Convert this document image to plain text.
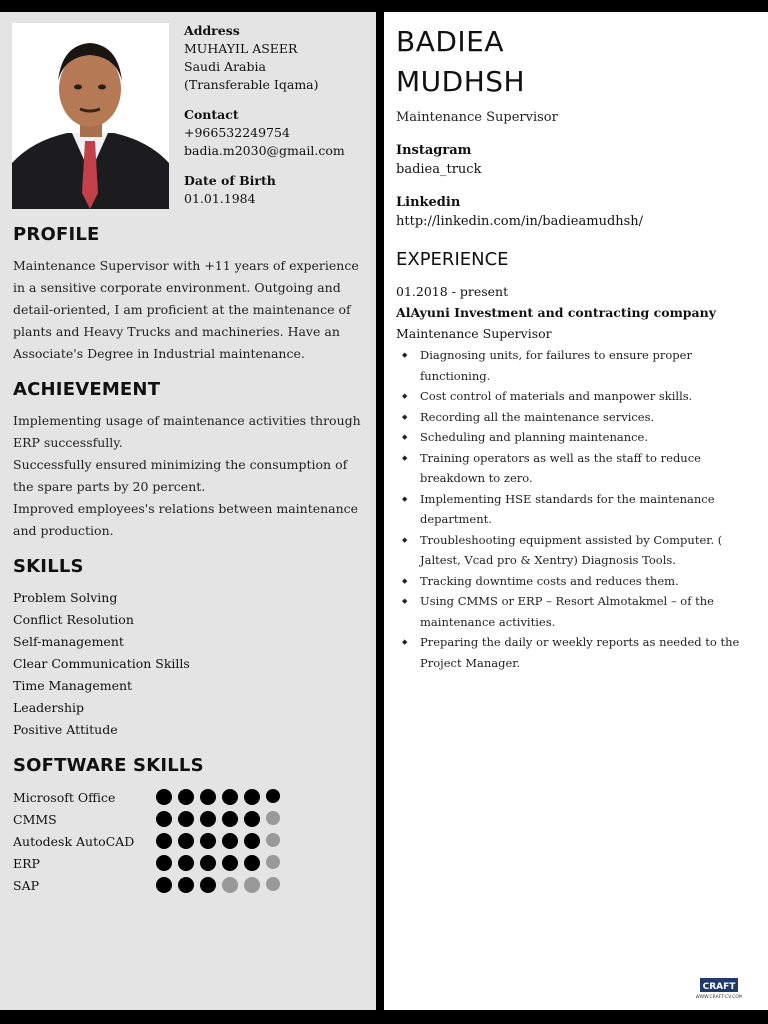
Address
MUHAYIL ASEER
Saudi Arabia
(Transferable Iqama)
Contact
+966532249754
badia.m2030@gmail.com
Date of Birth
01.01.1984
PROFILE
Maintenance Supervisor with +11 years of experience in a sensitive corporate environment. Outgoing and detail-oriented, I am proficient at the maintenance of plants and Heavy Trucks and machineries. Have an Associate's Degree in Industrial maintenance.
ACHIEVEMENT
Implementing usage of maintenance activities through ERP successfully.
Successfully ensured minimizing the consumption of the spare parts by 20 percent.
Improved employees's relations between maintenance and production.
SKILLS
Problem Solving
Conflict Resolution
Self-management
Clear Communication Skills
Time Management
Leadership
Positive Attitude
SOFTWARE SKILLS
Microsoft Office
CMMS
Autodesk AutoCAD
ERP
SAP
BADIEA
MUDHSH
Maintenance Supervisor
Instagram
badiea_truck
Linkedin
http://linkedin.com/in/badieamudhsh/
EXPERIENCE
01.2018 - present
AlAyuni Investment and contracting company
Maintenance Supervisor
◆ Diagnosing units, for failures to ensure proper functioning.
◆ Cost control of materials and manpower skills.
◆ Recording all the maintenance services.
◆ Scheduling and planning maintenance.
◆ Training operators as well as the staff to reduce breakdown to zero.
◆ Implementing HSE standards for the maintenance department.
◆ Troubleshooting equipment assisted by Computer. ( Jaltest, Vcad pro & Xentry) Diagnosis Tools.
◆ Tracking downtime costs and reduces them.
◆ Using CMMS or ERP – Resort Almotakmel – of the maintenance activities.
◆ Preparing the daily or weekly reports as needed to the Project Manager.
CRAFT
WWW.CRAFT-CV.COM
